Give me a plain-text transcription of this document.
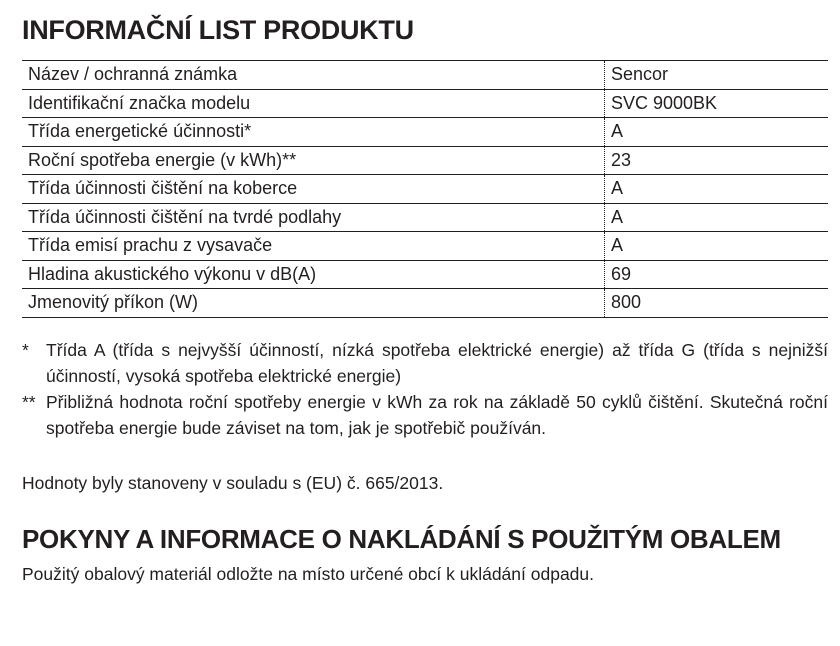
INFORMAČNÍ LIST PRODUKTU
Název / ochranná známka	Sencor
Identifikační značka modelu	SVC 9000BK
Třída energetické účinnosti*	A
Roční spotřeba energie (v kWh)**	23
Třída účinnosti čištění na koberce	A
Třída účinnosti čištění na tvrdé podlahy	A
Třída emisí prachu z vysavače	A
Hladina akustického výkonu v dB(A)	69
Jmenovitý příkon (W)	800
* Třída A (třída s nejvyšší účinností, nízká spotřeba elektrické energie) až třída G (třída s nejnižší účinností, vysoká spotřeba elektrické energie)
** Přibližná hodnota roční spotřeby energie v kWh za rok na základě 50 cyklů čištění. Skutečná roční spotřeba energie bude záviset na tom, jak je spotřebič používán.
Hodnoty byly stanoveny v souladu s (EU) č. 665/2013.
POKYNY A INFORMACE O NAKLÁDÁNÍ S POUŽITÝM OBALEM
Použitý obalový materiál odložte na místo určené obcí k ukládání odpadu.
